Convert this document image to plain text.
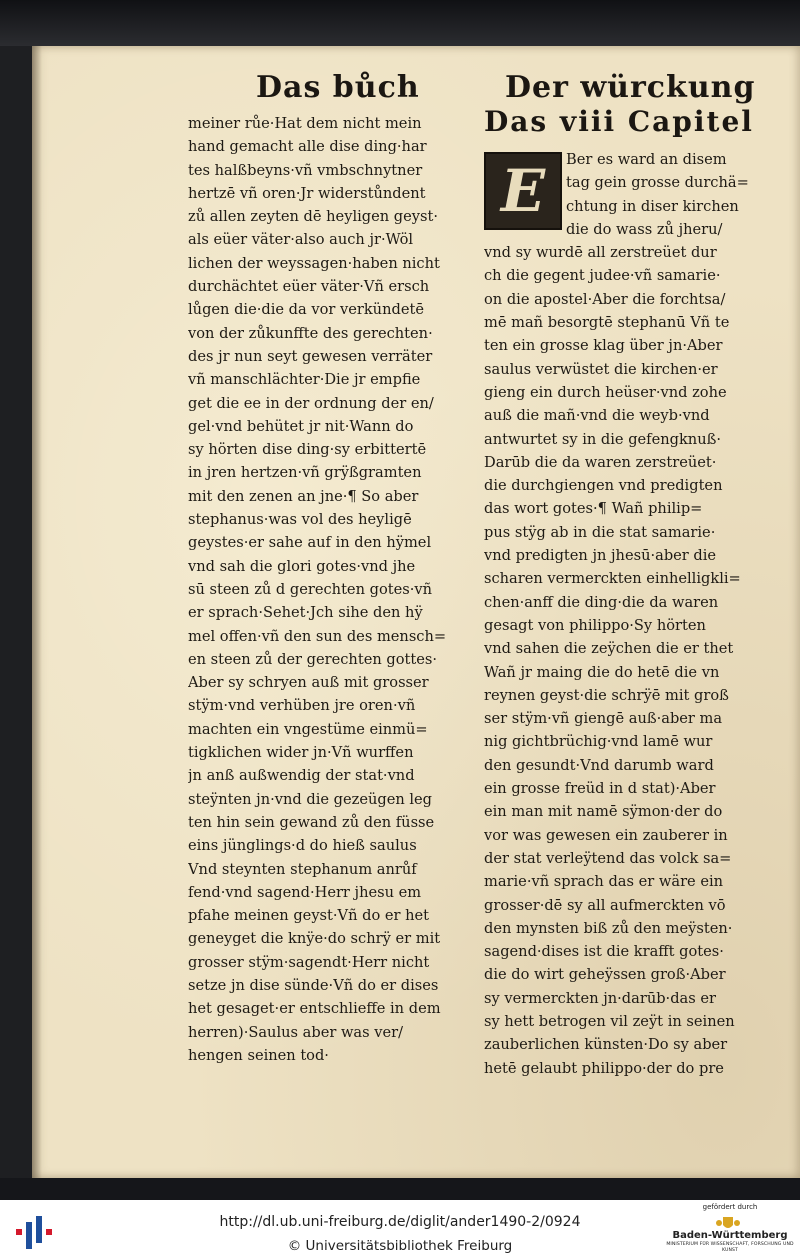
Das bůch	Der würckung
Das viii Capitel
meiner růe·Hat dem nicht mein
hand gemacht alle dise ding·har
tes halßbeyns·vñ vmbschnytner
hertzē vñ oren·Jr widerstůndent
zů allen zeyten dē heyligen geyst·
als eüer väter·also auch jr·Wöl
lichen der weyssagen·haben nicht
durchächtet eüer väter·Vñ ersch
lůgen die·die da vor verkündetē
von der zůkunffte des gerechten·
des jr nun seyt gewesen verräter
vñ manschlächter·Die jr empfie
get die ee in der ordnung der en/
gel·vnd behütet jr nit·Wann do
sy hörten dise ding·sy erbittertē
in jren hertzen·vñ grÿßgramten
mit den zenen an jne·¶ So aber
stephanus·was vol des heyligē
geystes·er sahe auf in den hÿmel
vnd sah die glori gotes·vnd jhe
sū steen zů d gerechten gotes·vñ
er sprach·Sehet·Jch sihe den hÿ
mel offen·vñ den sun des mensch=
en steen zů der gerechten gottes·
Aber sy schryen auß mit grosser
stÿm·vnd verhüben jre oren·vñ
machten ein vngestüme einmü=
tigklichen wider jn·Vñ wurffen
jn anß außwendig der stat·vnd
steÿnten jn·vnd die gezeügen leg
ten hin sein gewand zů den füsse
eins jünglings·d do hieß saulus
Vnd steynten stephanum anrůf
fend·vnd sagend·Herr jhesu em
pfahe meinen geyst·Vñ do er het
geneyget die knÿe·do schrÿ er mit
grosser stÿm·sagendt·Herr nicht
setze jn dise sünde·Vñ do er dises
het gesaget·er entschlieffe in dem
herren)·Saulus aber was ver/
hengen seinen tod·
E	Ber es ward an disem
tag gein grosse durchä=
chtung in diser kirchen
die do wass zů jheru/
vnd sy wurdē all zerstreüet dur
ch die gegent judee·vñ samarie·
on die apostel·Aber die forchtsa/
mē mañ besorgtē stephanū Vñ te
ten ein grosse klag über jn·Aber
saulus verwüstet die kirchen·er
gieng ein durch heüser·vnd zohe
auß die mañ·vnd die weyb·vnd
antwurtet sy in die gefengknuß·
Darūb die da waren zerstreüet·
die durchgiengen vnd predigten
das wort gotes·¶ Wañ philip=
pus stÿg ab in die stat samarie·
vnd predigten jn jhesū·aber die
scharen vermerckten einhelligkli=
chen·anff die ding·die da waren
gesagt von philippo·Sy hörten
vnd sahen die zeÿchen die er thet
Wañ jr maing die do hetē die vn
reynen geyst·die schrÿē mit groß
ser stÿm·vñ giengē auß·aber ma
nig gichtbrüchig·vnd lamē wur
den gesundt·Vnd darumb ward
ein grosse freüd in d stat)·Aber
ein man mit namē sÿmon·der do
vor was gewesen ein zauberer in
der stat verleÿtend das volck sa=
marie·vñ sprach das er wäre ein
grosser·dē sy all aufmerckten vō
den mynsten biß zů den meÿsten·
sagend·dises ist die krafft gotes·
die do wirt geheÿssen groß·Aber
sy vermerckten jn·darūb·das er
sy hett betrogen vil zeÿt in seinen
zauberlichen künsten·Do sy aber
hetē gelaubt philippo·der do pre
http://dl.ub.uni-freiburg.de/diglit/ander1490-2/0924
© Universitätsbibliothek Freiburg
gefördert durch
Baden-Württemberg
MINISTERIUM FÜR WISSENSCHAFT, FORSCHUNG UND KUNST
